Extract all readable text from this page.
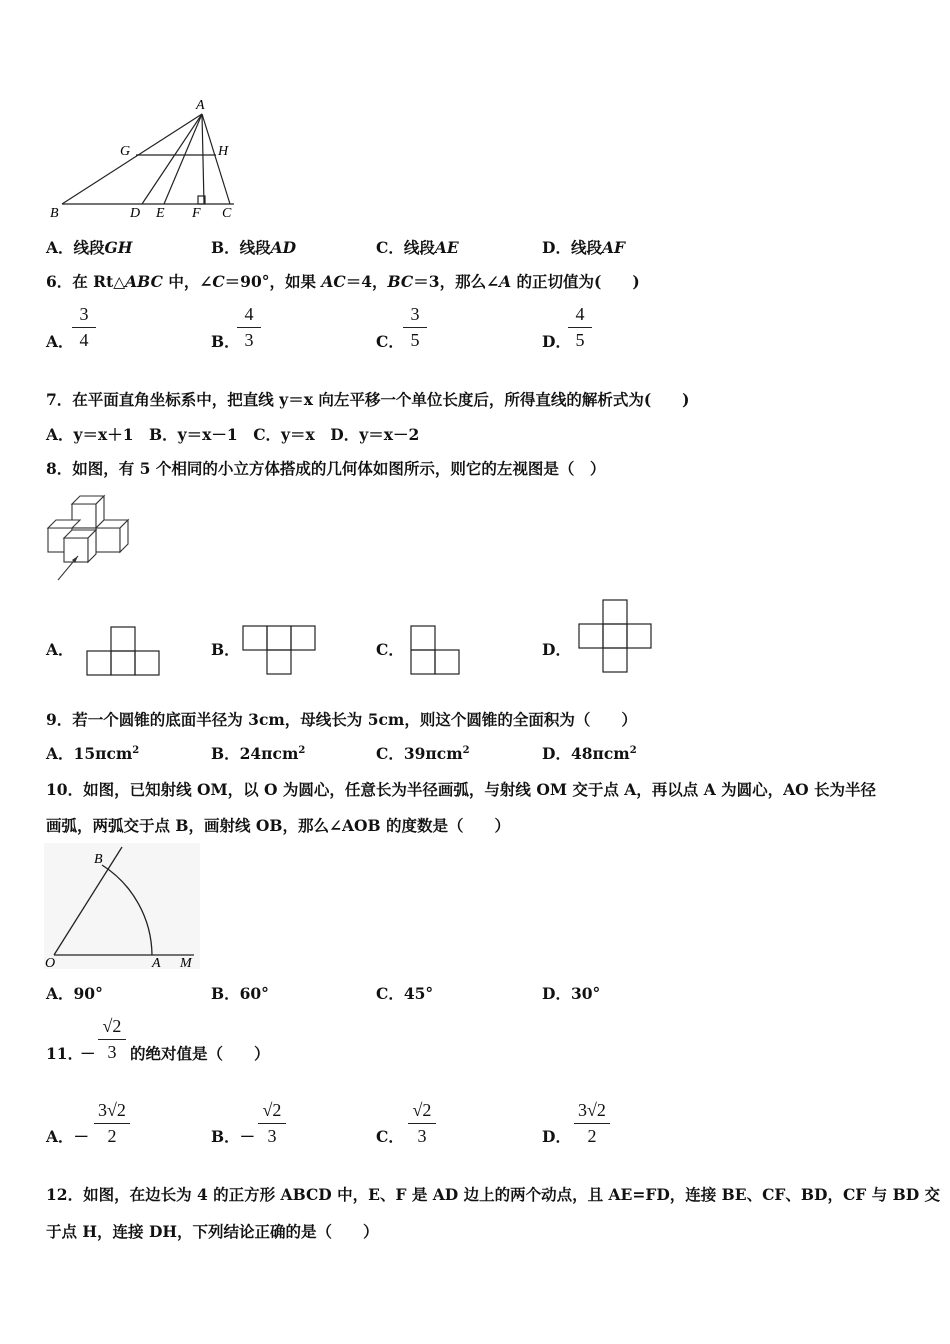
A
G	H
B	D E F C
A．线段GH	B．线段AD	C．线段AE	D．线段AF
6．在 Rt△ABC 中，∠C＝90°，如果 AC＝4，BC＝3，那么∠A 的正切值为(　　)
A．
3
4	B．
4
3	C．
3
5	D．
4
5
7．在平面直角坐标系中，把直线 y＝x 向左平移一个单位长度后，所得直线的解析式为(　　)
A．y＝x＋1　B．y＝x－1　C．y＝x　D．y＝x－2
8．如图，有 5 个相同的小立方体搭成的几何体如图所示，则它的左视图是（　）
A．	B．	C．	D．
9．若一个圆锥的底面半径为 3cm，母线长为 5cm，则这个圆锥的全面积为（　　）
A．15πcm$^2$	B．24πcm$^2$	C．39πcm$^2$	D．48πcm$^2$
10．如图，已知射线 OM，以 O 为圆心，任意长为半径画弧，与射线 OM 交于点 A，再以点 A 为圆心，AO 长为半径
画弧，两弧交于点 B，画射线 OB，那么∠AOB 的度数是（　　）
B
O	A M
A．90°	B．60°	C．45°	D．30°
11．
－
√2
3 的绝对值是（　　）
A．－
3√2
2	B．－
√2
3	C．
√2
3	D．
3√2
2
12．如图，在边长为 4 的正方形 ABCD 中，E、F 是 AD 边上的两个动点，且 AE=FD，连接 BE、CF、BD，CF 与 BD 交
于点 H，连接 DH，下列结论正确的是（　　）
